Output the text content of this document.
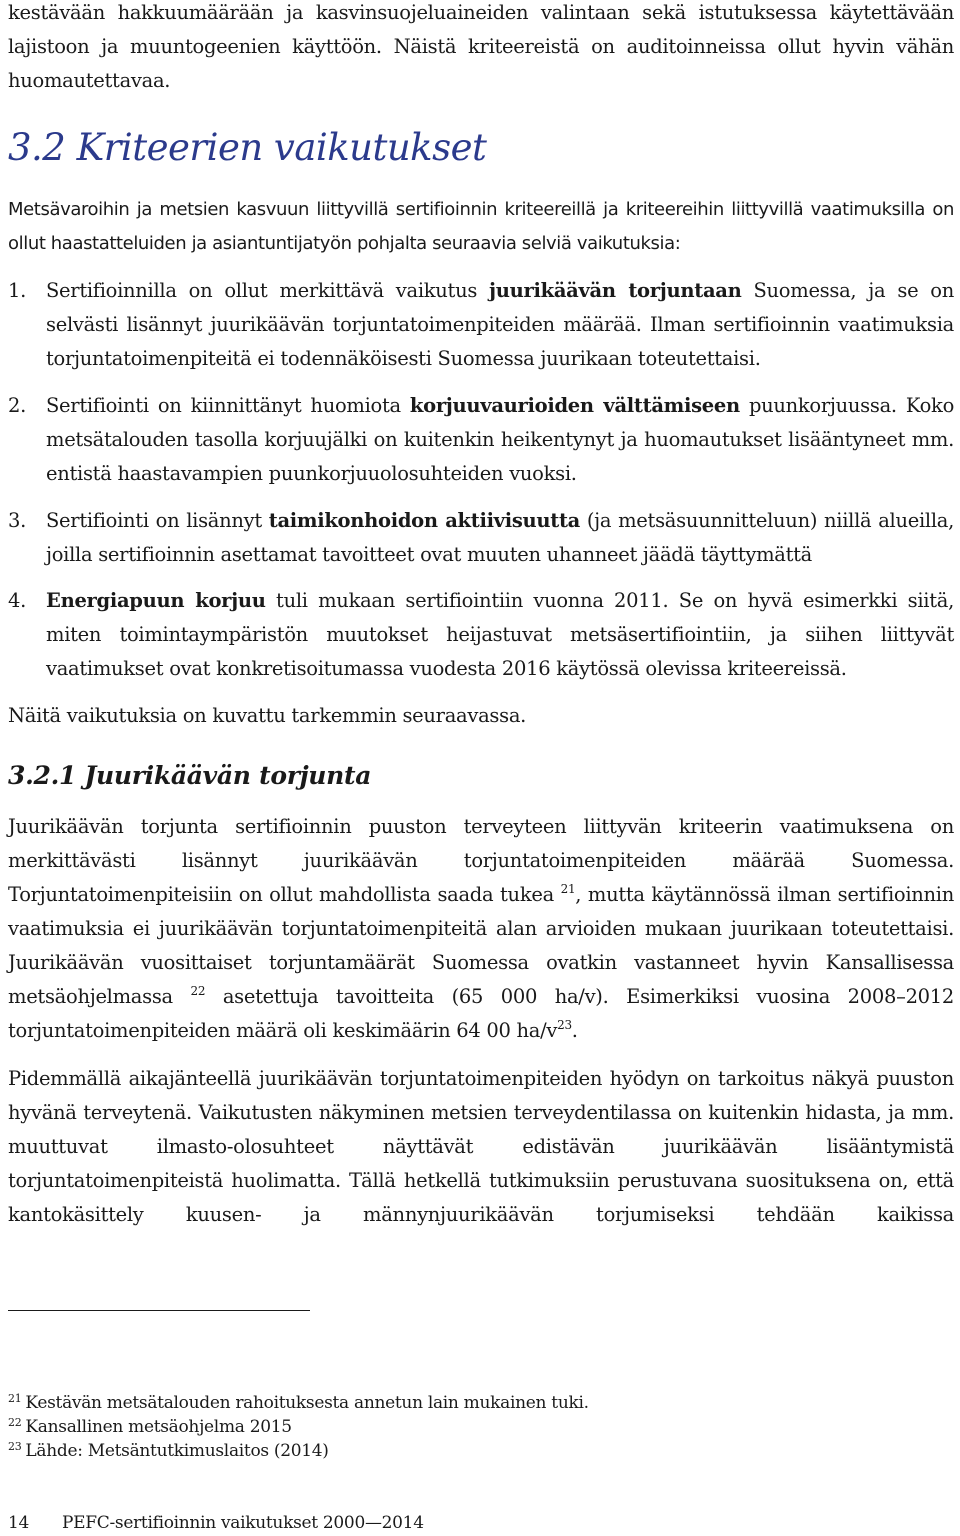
kestävään hakkuumäärään ja kasvinsuojeluaineiden valintaan sekä istutuksessa käytettävään
lajistoon ja muuntogeenien käyttöön. Näistä kriteereistä on auditoinneissa ollut hyvin vähän
huomautettavaa.
3.2 Kriteerien vaikutukset
Metsävaroihin ja metsien kasvuun liittyvillä sertifioinnin kriteereillä ja kriteereihin liittyvillä vaatimuksilla on ollut haastatteluiden ja asiantuntijatyön pohjalta seuraavia selviä vaikutuksia:
1. Sertifioinnilla on ollut merkittävä vaikutus juurikäävän torjuntaan Suomessa, ja se on selvästi lisännyt juurikäävän torjuntatoimenpiteiden määrää. Ilman sertifioinnin vaatimuksia torjuntatoimenpiteitä ei todennäköisesti Suomessa juurikaan toteutettaisi.
2. Sertifiointi on kiinnittänyt huomiota korjuuvaurioiden välttämiseen puunkorjuussa. Koko metsätalouden tasolla korjuujälki on kuitenkin heikentynyt ja huomautukset lisääntyneet mm. entistä haastavampien puunkorjuuolosuhteiden vuoksi.
3. Sertifiointi on lisännyt taimikonhoidon aktiivisuutta (ja metsäsuunnitteluun) niillä alueilla, joilla sertifioinnin asettamat tavoitteet ovat muuten uhanneet jäädä täyttymättä
4. Energiapuun korjuu tuli mukaan sertifiointiin vuonna 2011. Se on hyvä esimerkki siitä, miten toimintaympäristön muutokset heijastuvat metsäsertifiointiin, ja siihen liittyvät vaatimukset ovat konkretisoitumassa vuodesta 2016 käytössä olevissa kriteereissä.
Näitä vaikutuksia on kuvattu tarkemmin seuraavassa.
3.2.1 Juurikäävän torjunta
Juurikäävän torjunta sertifioinnin puuston terveyteen liittyvän kriteerin vaatimuksena on merkittävästi lisännyt juurikäävän torjuntatoimenpiteiden määrää Suomessa. Torjuntatoimenpiteisiin on ollut mahdollista saada tukea $^{21}$, mutta käytännössä ilman sertifioinnin vaatimuksia ei juurikäävän torjuntatoimenpiteitä alan arvioiden mukaan juurikaan toteutettaisi. Juurikäävän vuosittaiset torjuntamäärät Suomessa ovatkin vastanneet hyvin Kansallisessa metsäohjelmassa $^{22}$ asetettuja tavoitteita (65 000 ha/v). Esimerkiksi vuosina 2008–2012 torjuntatoimenpiteiden määrä oli keskimäärin 64 00 $ha/v^{23}$.
Pidemmällä aikajänteellä juurikäävän torjuntatoimenpiteiden hyödyn on tarkoitus näkyä puuston hyvänä terveytenä. Vaikutusten näkyminen metsien terveydentilassa on kuitenkin hidasta, ja mm. muuttuvat ilmasto-olosuhteet näyttävät edistävän juurikäävän lisääntymistä torjuntatoimenpiteistä huolimatta. Tällä hetkellä tutkimuksiin perustuvana suosituksena on, että kantokäsittely kuusen- ja männynjuurikäävän torjumiseksi tehdään kaikissa
$^{21}$ Kestävän metsätalouden rahoituksesta annetun lain mukainen tuki.
$^{22}$ Kansallinen metsäohjelma 2015
$^{23}$ Lähde: Metsäntutkimuslaitos (2014)
14 PEFC-sertifioinnin vaikutukset 2000—2014
